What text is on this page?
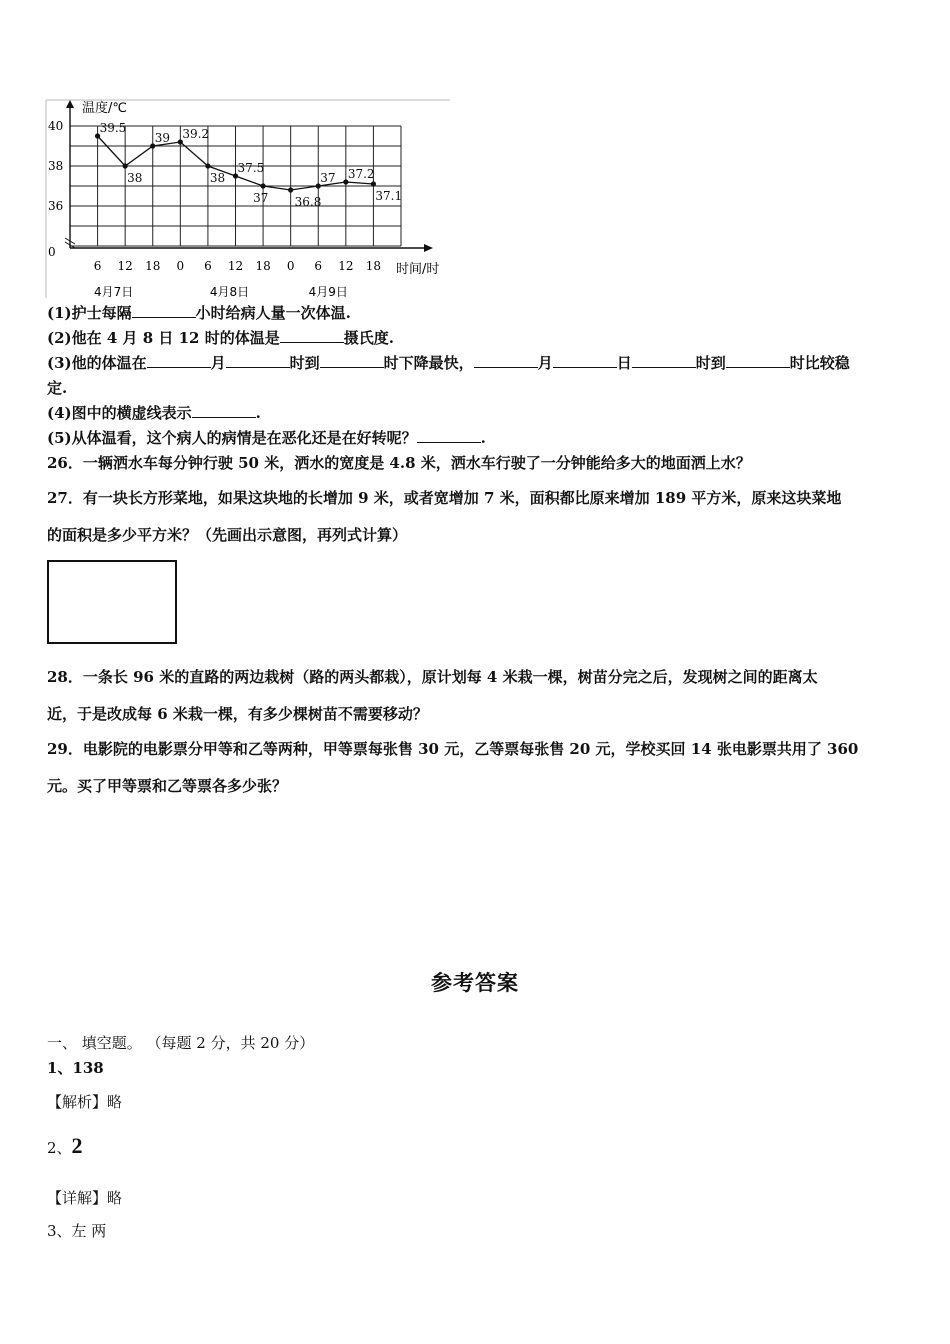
40
38
36
0
6 12 18 0 6 12 18 0 6 12 18
4月7日	4月8日	4月9日
39.5
38
39 39.2
38
37.5
37 36.8
37 37.2
37.1
温度/℃
时间/时
(1)护士每隔	小时给病人量一次体温.
(2)他在 4 月 8 日 12 时的体温是	摄氏度.
(3)他的体温在	月	时到	时下降最快，	月	日	时到	时比较稳
定.
(4)图中的横虚线表示	.
(5)从体温看，这个病人的病情是在恶化还是在好转呢？	.
26．一辆洒水车每分钟行驶 50 米，洒水的宽度是 4.8 米，洒水车行驶了一分钟能给多大的地面洒上水？
27．有一块长方形菜地，如果这块地的长增加 9 米，或者宽增加 7 米，面积都比原来增加 189 平方米，原来这块菜地
的面积是多少平方米？（先画出示意图，再列式计算）
28．一条长 96 米的直路的两边栽树（路的两头都栽），原计划每 4 米栽一棵，树苗分完之后，发现树之间的距离太
近，于是改成每 6 米栽一棵，有多少棵树苗不需要移动？
29．电影院的电影票分甲等和乙等两种，甲等票每张售 30 元，乙等票每张售 20 元，学校买回 14 张电影票共用了 360
元。买了甲等票和乙等票各多少张？
参考答案
一、 填空题。 （每题 2 分，共 20 分）
1、138
【解析】略
2、2
【详解】略
3、左 两
